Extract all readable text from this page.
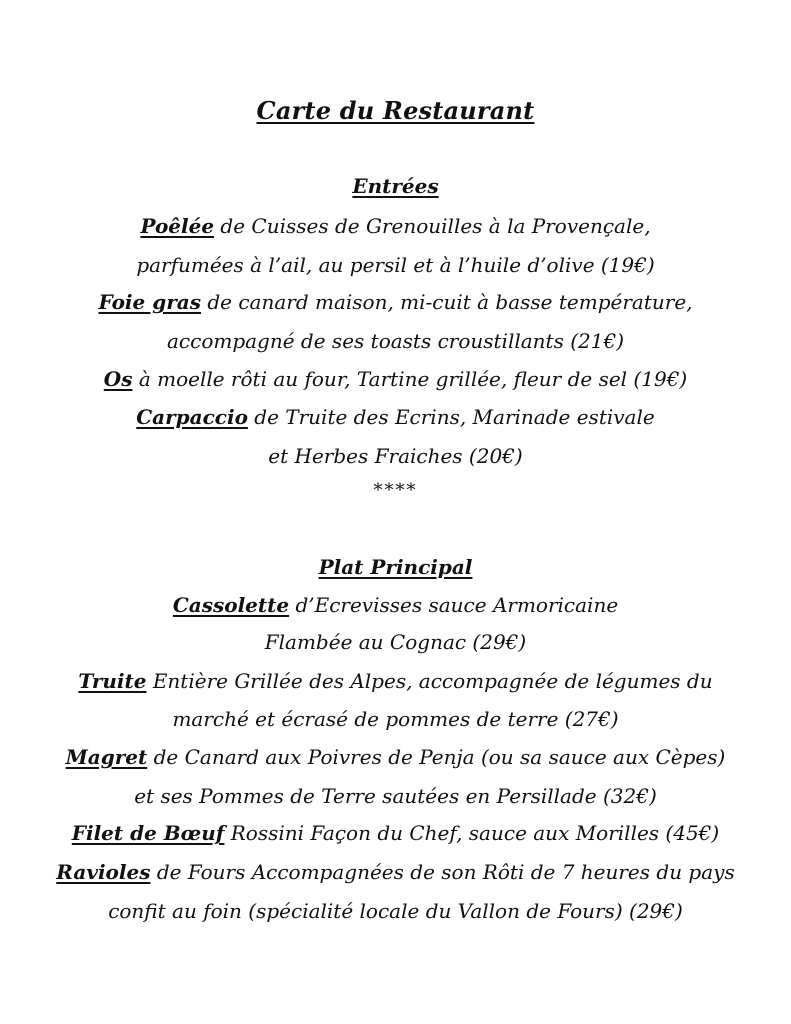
Carte du Restaurant
Entrées
Poêlée de Cuisses de Grenouilles à la Provençale,
parfumées à l’ail, au persil et à l’huile d’olive (19€)
Foie gras de canard maison, mi-cuit à basse température,
accompagné de ses toasts croustillants (21€)
Os à moelle rôti au four, Tartine grillée, fleur de sel (19€)
Carpaccio de Truite des Ecrins, Marinade estivale
et Herbes Fraiches (20€)
****
Plat Principal
Cassolette d’Ecrevisses sauce Armoricaine
Flambée au Cognac (29€)
Truite Entière Grillée des Alpes, accompagnée de légumes du
marché et écrasé de pommes de terre (27€)
Magret de Canard aux Poivres de Penja (ou sa sauce aux Cèpes)
et ses Pommes de Terre sautées en Persillade (32€)
Filet de Bœuf Rossini Façon du Chef, sauce aux Morilles (45€)
Ravioles de Fours Accompagnées de son Rôti de 7 heures du pays
confit au foin (spécialité locale du Vallon de Fours) (29€)
